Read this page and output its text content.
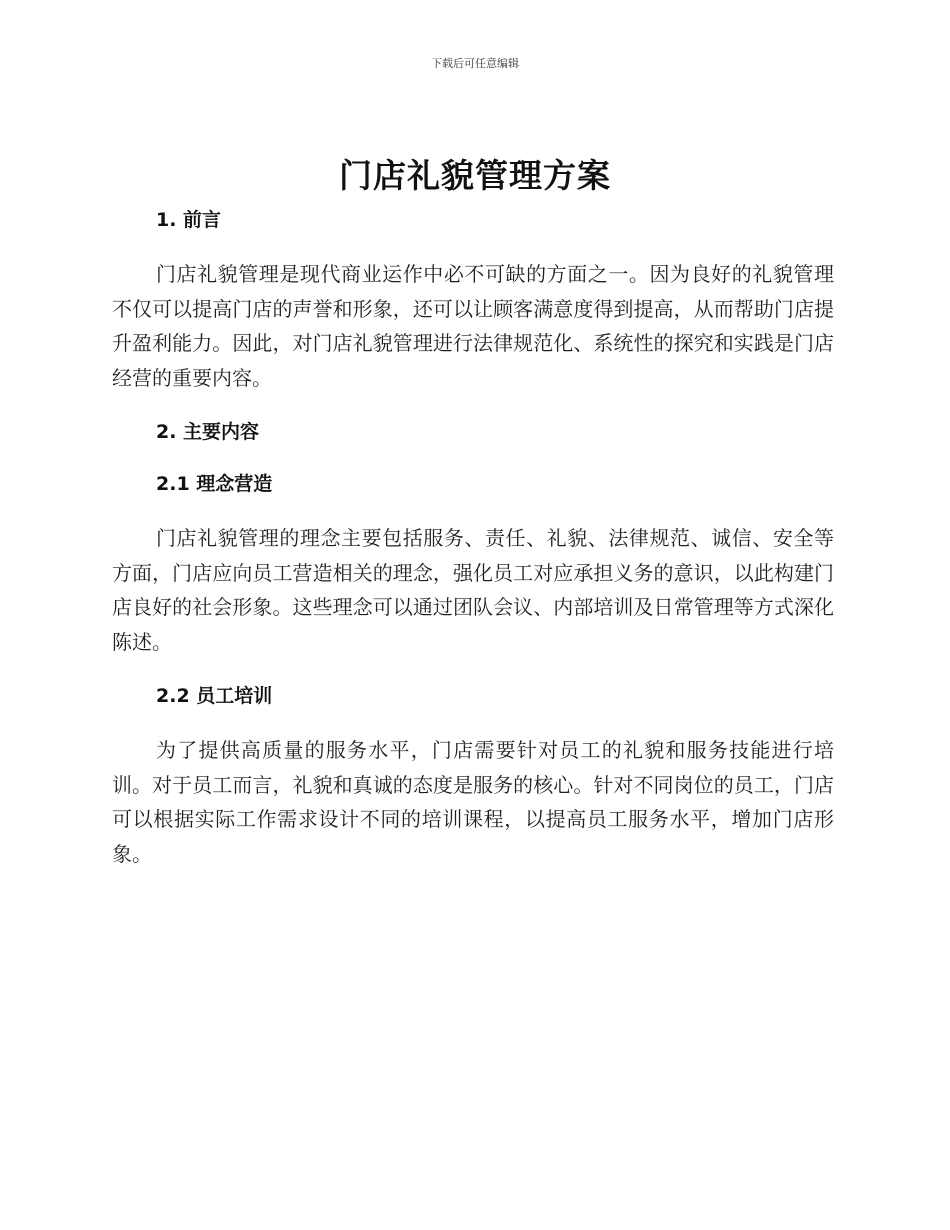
下载后可任意编辑
门店礼貌管理方案
1. 前言

门店礼貌管理是现代商业运作中必不可缺的方面之一。因为良好的礼貌管理不仅可以提高门店的声誉和形象，还可以让顾客满意度得到提高，从而帮助门店提升盈利能力。因此，对门店礼貌管理进行法律规范化、系统性的探究和实践是门店经营的重要内容。

2. 主要内容
2.1 理念营造

门店礼貌管理的理念主要包括服务、责任、礼貌、法律规范、诚信、安全等方面，门店应向员工营造相关的理念，强化员工对应承担义务的意识，以此构建门店良好的社会形象。这些理念可以通过团队会议、内部培训及日常管理等方式深化陈述。

2.2 员工培训

为了提供高质量的服务水平，门店需要针对员工的礼貌和服务技能进行培训。对于员工而言，礼貌和真诚的态度是服务的核心。针对不同岗位的员工，门店可以根据实际工作需求设计不同的培训课程，以提高员工服务水平，增加门店形象。
